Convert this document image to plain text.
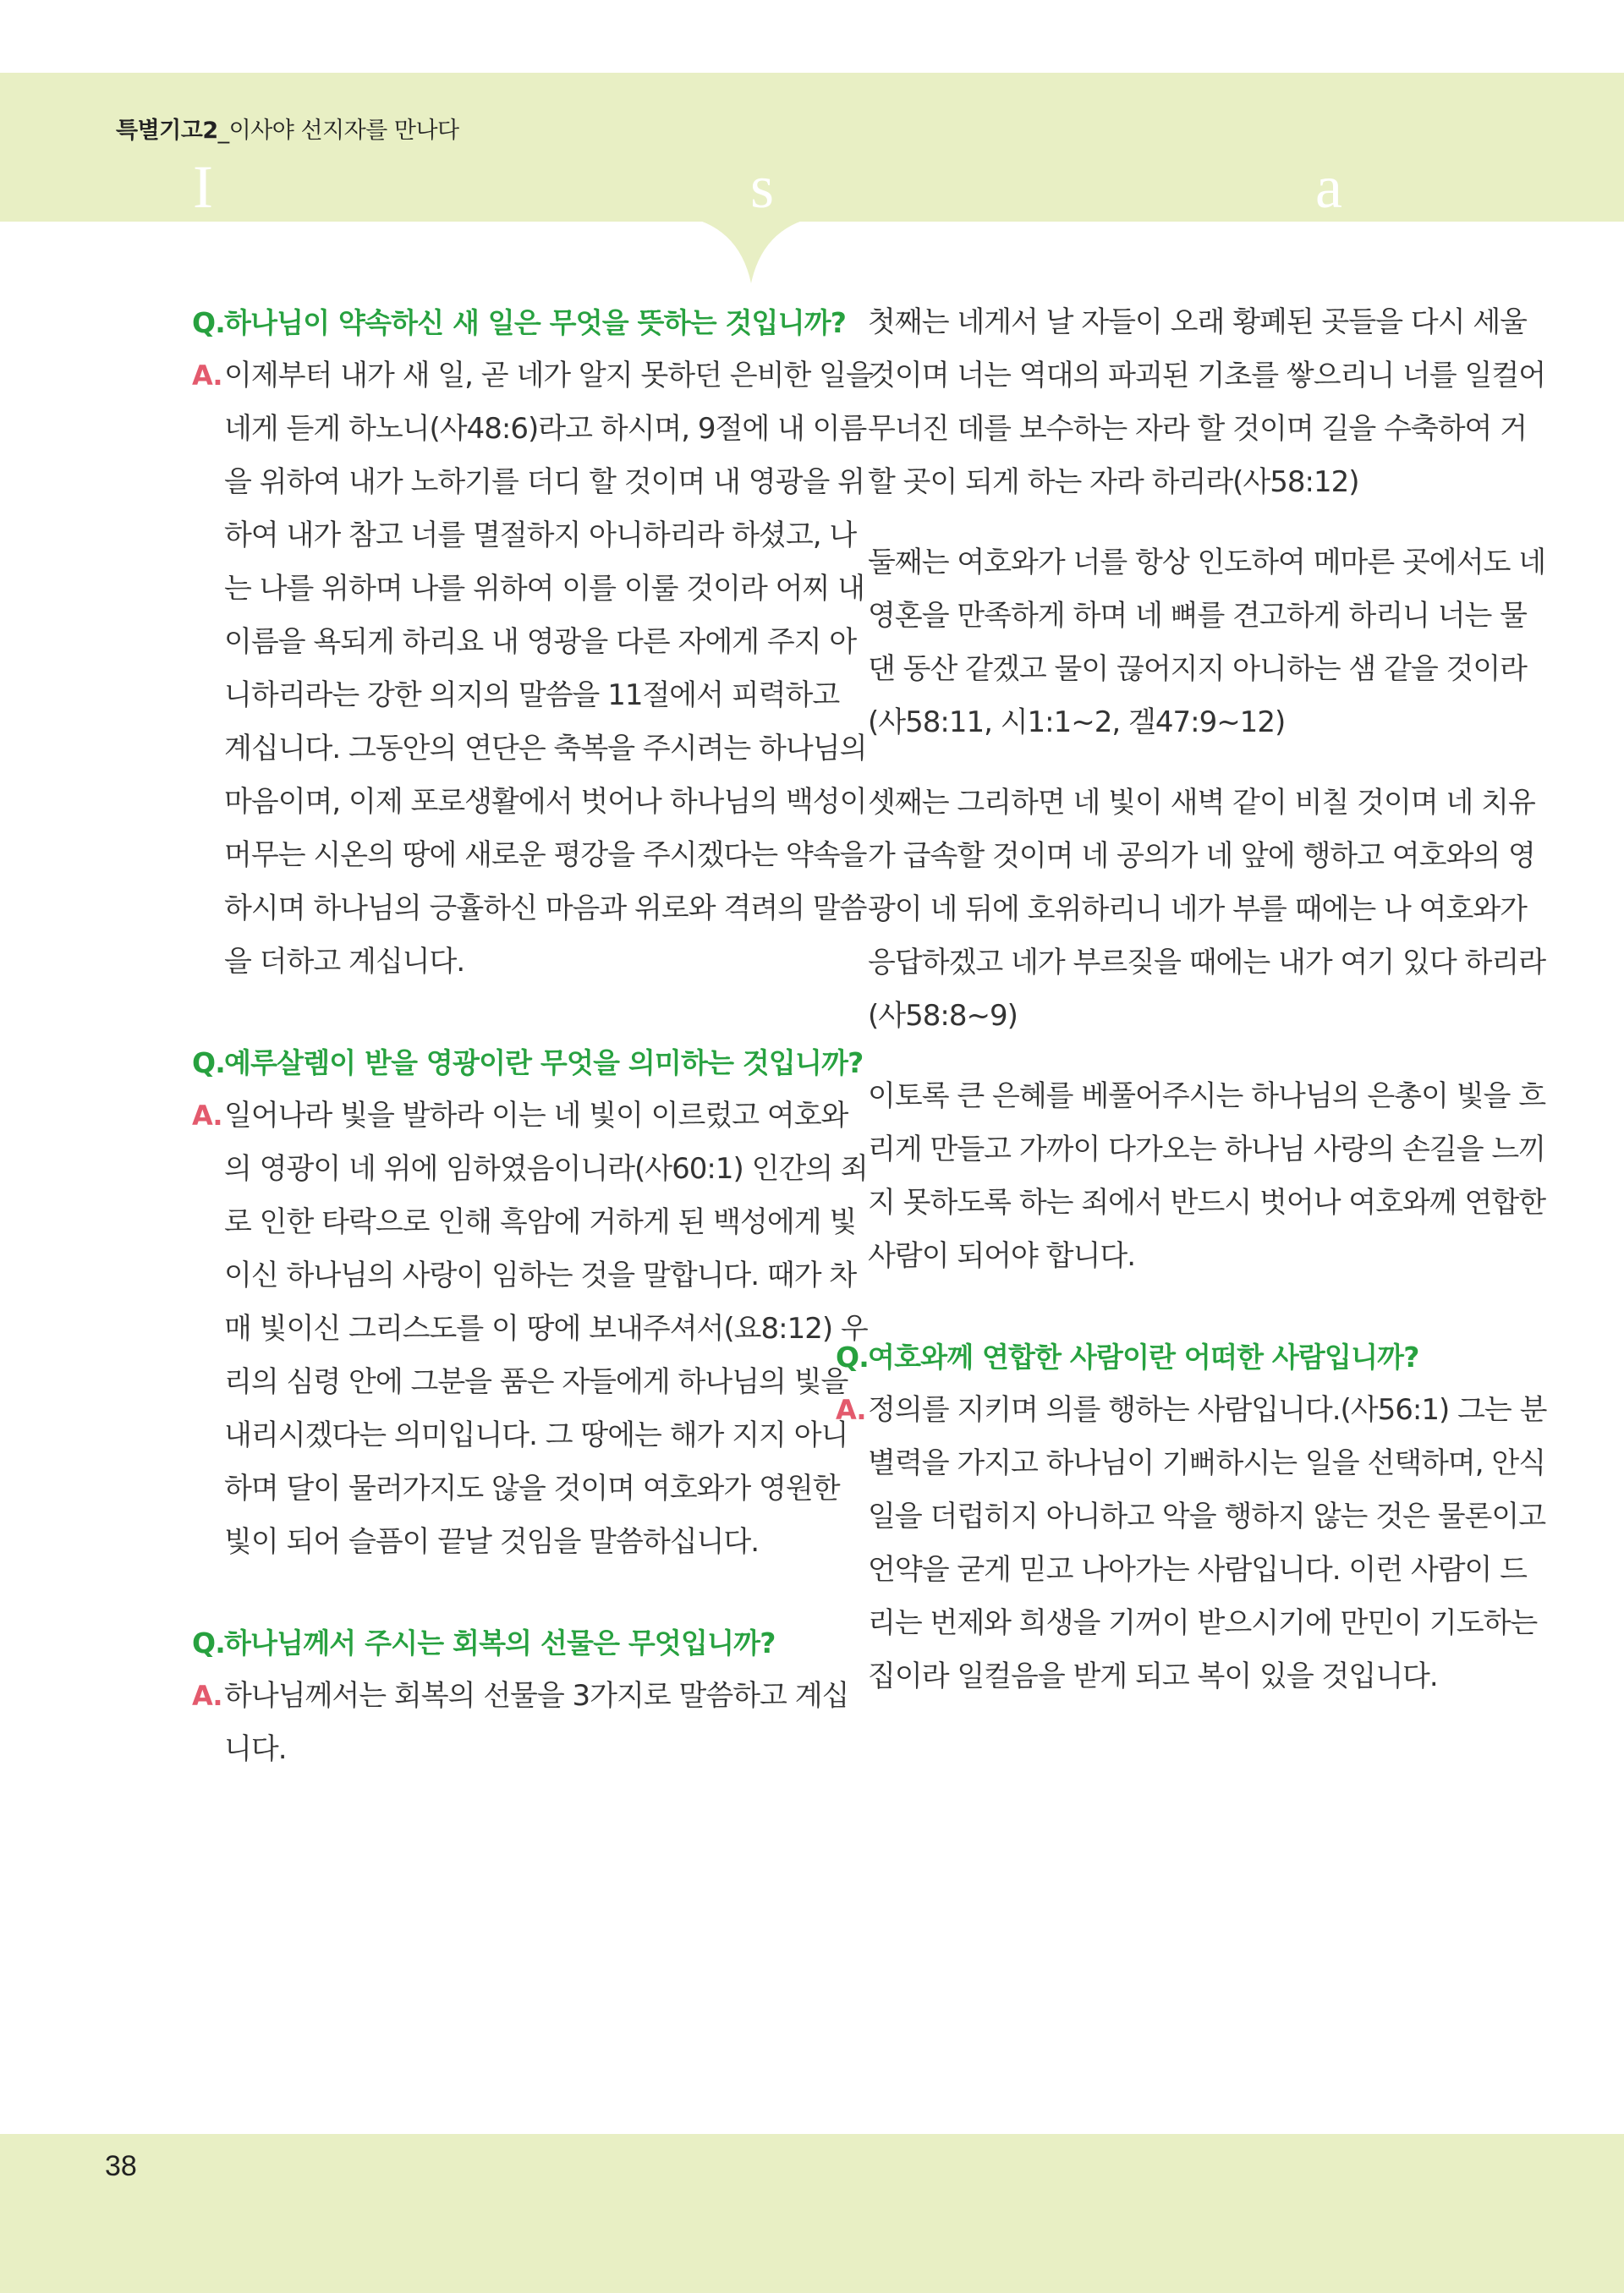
특별기고2_이사야 선지자를 만나다
I	s	a
Q. 하나님이 약속하신 새 일은 무엇을 뜻하는 것입니까?
A. 이제부터 내가 새 일, 곧 네가 알지 못하던 은비한 일을 네게 듣게 하노니(사48:6)라고 하시며, 9절에 내 이름을 위하여 내가 노하기를 더디 할 것이며 내 영광을 위하여 내가 참고 너를 멸절하지 아니하리라 하셨고, 나는 나를 위하며 나를 위하여 이를 이룰 것이라 어찌 내 이름을 욕되게 하리요 내 영광을 다른 자에게 주지 아니하리라는 강한 의지의 말씀을 11절에서 피력하고 계십니다. 그동안의 연단은 축복을 주시려는 하나님의 마음이며, 이제 포로생활에서 벗어나 하나님의 백성이 머무는 시온의 땅에 새로운 평강을 주시겠다는 약속을 하시며 하나님의 긍휼하신 마음과 위로와 격려의 말씀을 더하고 계십니다.
Q. 예루살렘이 받을 영광이란 무엇을 의미하는 것입니까?
A. 일어나라 빛을 발하라 이는 네 빛이 이르렀고 여호와의 영광이 네 위에 임하였음이니라(사60:1) 인간의 죄로 인한 타락으로 인해 흑암에 거하게 된 백성에게 빛이신 하나님의 사랑이 임하는 것을 말합니다. 때가 차매 빛이신 그리스도를 이 땅에 보내주셔서(요8:12) 우리의 심령 안에 그분을 품은 자들에게 하나님의 빛을 내리시겠다는 의미입니다. 그 땅에는 해가 지지 아니하며 달이 물러가지도 않을 것이며 여호와가 영원한 빛이 되어 슬픔이 끝날 것임을 말씀하십니다.
Q. 하나님께서 주시는 회복의 선물은 무엇입니까?
A. 하나님께서는 회복의 선물을 3가지로 말씀하고 계십니다.

첫째는 네게서 날 자들이 오래 황폐된 곳들을 다시 세울 것이며 너는 역대의 파괴된 기초를 쌓으리니 너를 일컬어 무너진 데를 보수하는 자라 할 것이며 길을 수축하여 거할 곳이 되게 하는 자라 하리라(사58:12)

둘째는 여호와가 너를 항상 인도하여 메마른 곳에서도 네 영혼을 만족하게 하며 네 뼈를 견고하게 하리니 너는 물 댄 동산 같겠고 물이 끊어지지 아니하는 샘 같을 것이라(사58:11, 시1:1~2, 겔47:9~12)

셋째는 그리하면 네 빛이 새벽 같이 비칠 것이며 네 치유가 급속할 것이며 네 공의가 네 앞에 행하고 여호와의 영광이 네 뒤에 호위하리니 네가 부를 때에는 나 여호와가 응답하겠고 네가 부르짖을 때에는 내가 여기 있다 하리라(사58:8~9)

이토록 큰 은혜를 베풀어주시는 하나님의 은총이 빛을 흐리게 만들고 가까이 다가오는 하나님 사랑의 손길을 느끼지 못하도록 하는 죄에서 반드시 벗어나 여호와께 연합한 사람이 되어야 합니다.

Q. 여호와께 연합한 사람이란 어떠한 사람입니까?
A. 정의를 지키며 의를 행하는 사람입니다.(사56:1) 그는 분별력을 가지고 하나님이 기뻐하시는 일을 선택하며, 안식일을 더럽히지 아니하고 악을 행하지 않는 것은 물론이고 언약을 굳게 믿고 나아가는 사람입니다. 이런 사람이 드리는 번제와 희생을 기꺼이 받으시기에 만민이 기도하는 집이라 일컬음을 받게 되고 복이 있을 것입니다.
38
